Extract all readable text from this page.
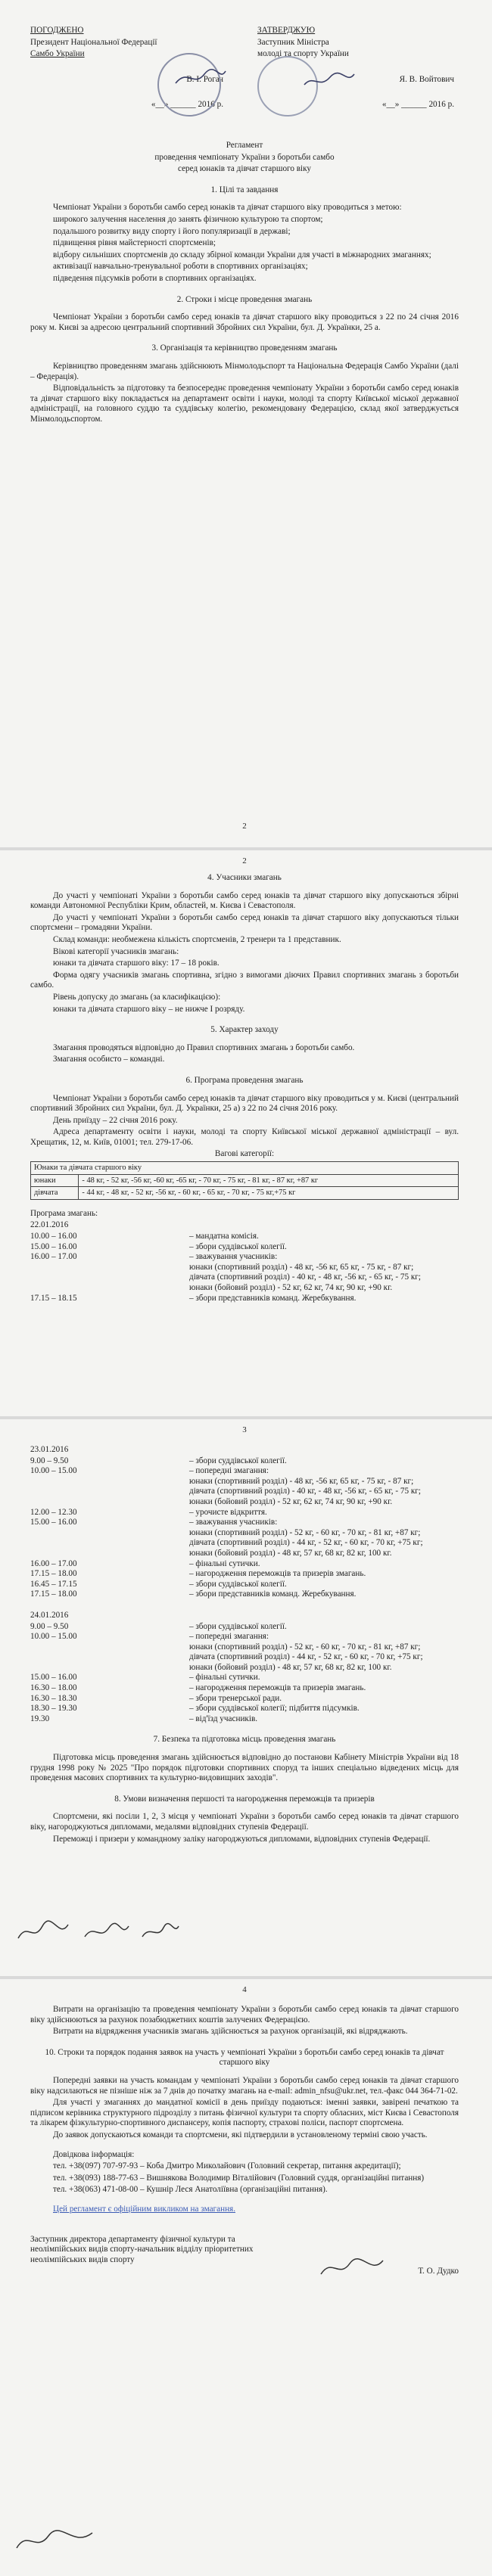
ПОГОДЖЕНО

Президент Національної Федерації

Самбо України

В. І. Рогач

«__» ______ 2016 р.

ЗАТВЕРДЖУЮ

Заступник Міністра

молоді та спорту України

Я. В. Войтович

«__» ______ 2016 р.

Регламент

проведення чемпіонату України з боротьби самбо

серед юнаків та дівчат старшого віку

1. Цілі та завдання

Чемпіонат України з боротьби самбо серед юнаків та дівчат старшого віку проводиться з метою:

широкого залучення населення до занять фізичною культурою та спортом;

подальшого розвитку виду спорту і його популяризації в державі;

підвищення рівня майстерності спортсменів;

відбору сильніших спортсменів до складу збірної команди України для участі в міжнародних змаганнях;

активізації навчально-тренувальної роботи в спортивних організаціях;

підведення підсумків роботи в спортивних організаціях.

2. Строки і місце проведення змагань

Чемпіонат України з боротьби самбо серед юнаків та дівчат старшого віку проводиться з 22 по 24 січня 2016 року м. Києві за адресою центральний спортивний Збройних сил України, бул. Д. Українки, 25 а.

3. Організація та керівництво проведенням змагань

Керівництво проведенням змагань здійснюють Мінмолодьспорт та Національна Федерація Самбо України (далі – Федерація).

Відповідальність за підготовку та безпосереднє проведення чемпіонату України з боротьби самбо серед юнаків та дівчат старшого віку покладається на департамент освіти і науки, молоді та спорту Київської міської державної адміністрації, на головного суддю та суддівську колегію, рекомендовану Федерацією, склад якої затверджується Мінмолодьспортом.

2
2

4. Учасники змагань

До участі у чемпіонаті України з боротьби самбо серед юнаків та дівчат старшого віку допускаються збірні команди Автономної Республіки Крим, областей, м. Києва і Севастополя.

До участі у чемпіонаті України з боротьби самбо серед юнаків та дівчат старшого віку допускаються тільки спортсмени – громадяни України.

Склад команди: необмежена кількість спортсменів, 2 тренери та 1 представник.

Вікові категорії учасників змагань:

юнаки та дівчата старшого віку: 17 – 18 років.

Форма одягу учасників змагань спортивна, згідно з вимогами діючих Правил спортивних змагань з боротьби самбо.

Рівень допуску до змагань (за класифікацією):

юнаки та дівчата старшого віку – не нижче І розряду.

5. Характер заходу

Змагання проводяться відповідно до Правил спортивних змагань з боротьби самбо.

Змагання особисто – командні.

6. Програма проведення змагань

Чемпіонат України з боротьби самбо серед юнаків та дівчат старшого віку проводиться у м. Києві (центральний спортивний Збройних сил України, бул. Д. Українки, 25 а) з 22 по 24 січня 2016 року.

День приїзду – 22 січня 2016 року.

Адреса департаменту освіти і науки, молоді та спорту Київської міської державної адміністрації – вул. Хрещатик, 12, м. Київ, 01001; тел. 279-17-06.

Вагові категорії:

Юнаки та дівчата старшого віку	
юнаки	- 48 кг, - 52 кг, -56 кг, -60 кг, -65 кг, - 70 кг, - 75 кг, - 81 кг, - 87 кг, +87 кг
дівчата	- 44 кг, - 48 кг, - 52 кг, -56 кг, - 60 кг, - 65 кг, - 70 кг, - 75 кг,+75 кг

Програма змагань:

22.01.2016

10.00 – 16.00	– мандатна комісія.
15.00 – 16.00	– збори суддівської колегії.
16.00 – 17.00	– зважування учасників:
юнаки (спортивний розділ) - 48 кг, -56 кг, 65 кг, - 75 кг, - 87 кг;
дівчата (спортивний розділ) - 40 кг, - 48 кг, -56 кг, - 65 кг, - 75 кг;
юнаки (бойовий розділ) - 52 кг, 62 кг, 74 кг, 90 кг, +90 кг.
17.15 – 18.15	– збори представників команд. Жеребкування.
3

23.01.2016

9.00 – 9.50	– збори суддівської колегії.
10.00 – 15.00	– попередні змагання:
юнаки (спортивний розділ) - 48 кг, -56 кг, 65 кг, - 75 кг, - 87 кг;
дівчата (спортивний розділ) - 40 кг, - 48 кг, -56 кг, - 65 кг, - 75 кг;
юнаки (бойовий розділ) - 52 кг, 62 кг, 74 кг, 90 кг, +90 кг.
12.00 – 12.30	– урочисте відкриття.
15.00 – 16.00	– зважування учасників:
юнаки (спортивний розділ) - 52 кг, - 60 кг, - 70 кг, - 81 кг, +87 кг;
дівчата (спортивний розділ) - 44 кг, - 52 кг, - 60 кг, - 70 кг, +75 кг;
юнаки (бойовий розділ) - 48 кг, 57 кг, 68 кг, 82 кг, 100 кг.
16.00 – 17.00	– фінальні сутички.
17.15 – 18.00	– нагородження переможців та призерів змагань.
16.45 – 17.15	– збори суддівської колегії.
17.15 – 18.00	– збори представників команд. Жеребкування.

24.01.2016

9.00 – 9.50	– збори суддівської колегії.
10.00 – 15.00	– попередні змагання:
юнаки (спортивний розділ) - 52 кг, - 60 кг, - 70 кг, - 81 кг, +87 кг;
дівчата (спортивний розділ) - 44 кг, - 52 кг, - 60 кг, - 70 кг, +75 кг;
юнаки (бойовий розділ) - 48 кг, 57 кг, 68 кг, 82 кг, 100 кг.
15.00 – 16.00	– фінальні сутички.
16.30 – 18.00	– нагородження переможців та призерів змагань.
16.30 – 18.30	– збори тренерської ради.
18.30 – 19.30	– збори суддівської колегії; підбиття підсумків.
19.30	– від'їзд учасників.

7. Безпека та підготовка місць проведення змагань

Підготовка місць проведення змагань здійснюється відповідно до постанови Кабінету Міністрів України від 18 грудня 1998 року № 2025 "Про порядок підготовки спортивних споруд та інших спеціально відведених місць для проведення масових спортивних та культурно-видовищних заходів".

8. Умови визначення першості та нагородження переможців та призерів

Спортсмени, які посіли 1, 2, 3 місця у чемпіонаті України з боротьби самбо серед юнаків та дівчат старшого віку, нагороджуються дипломами, медалями відповідних ступенів Федерації.

Переможці і призери у командному заліку нагороджуються дипломами, відповідних ступенів Федерації.

4

Витрати на організацію та проведення чемпіонату України з боротьби самбо серед юнаків та дівчат старшого віку здійснюються за рахунок позабюджетних коштів залучених Федерацією.

Витрати на відрядження учасників змагань здійснюється за рахунок організацій, які відряджають.

10. Строки та порядок подання заявок на участь у чемпіонаті України з боротьби самбо серед юнаків та дівчат старшого віку

Попередні заявки на участь командам у чемпіонаті України з боротьби самбо серед юнаків та дівчат старшого віку надсилаються не пізніше ніж за 7 днів до початку змагань на e-mail: admin_nfsu@ukr.net, тел.-факс 044 364-71-02.

Для участі у змаганнях до мандатної комісії в день приїзду подаються: іменні заявки, завірені печаткою та підписом керівника структурного підрозділу з питань фізичної культури та спорту обласних, міст Києва і Севастополя та лікарем фізкультурно-спортивного диспансеру, копія паспорту, страхові поліси, паспорт спортсмена.

До заявок допускаються команди та спортсмени, які підтвердили в установленому терміні свою участь.

Довідкова інформація:

тел. +38(097) 707-97-93 – Коба Дмитро Миколайович (Головний секретар, питання акредитації);

тел. +38(093) 188-77-63 – Вишнякова Володимир Віталійович (Головний суддя, організаційні питання)

тел. +38(063) 471-08-00 – Кушнір Леся Анатоліївна (організаційні питання).

Цей регламент є офіційним викликом на змагання.

Заступник директора департаменту фізичної культури та неолімпійських видів спорту-начальник відділу пріоритетних неолімпійських видів спорту

Т. О. Дудко
